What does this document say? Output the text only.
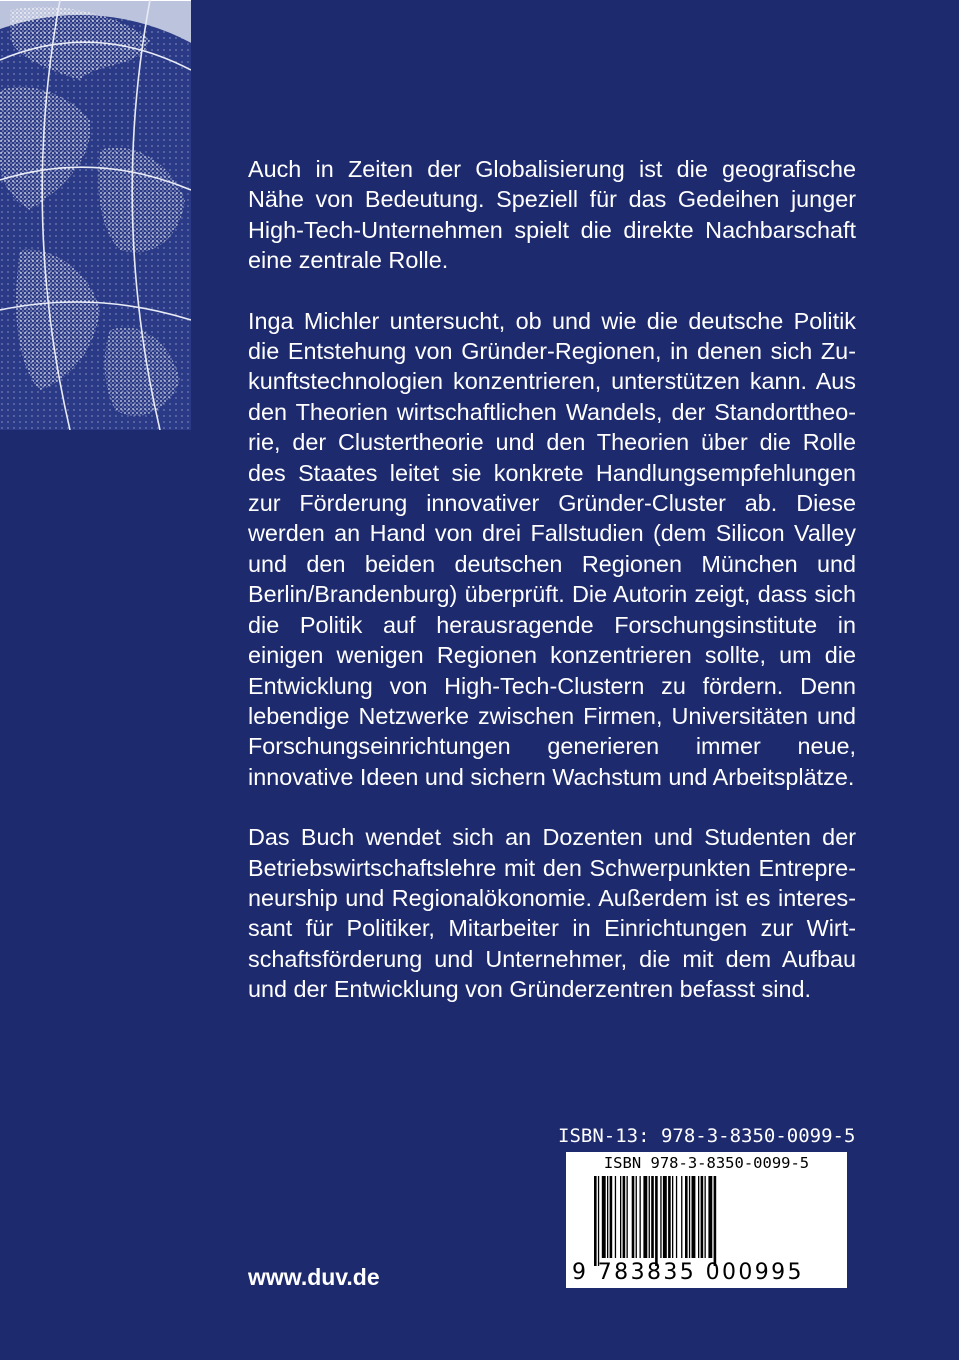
Auch in Zeiten der Globalisierung ist die geografische Nähe von Bedeutung. Speziell für das Gedeihen junger High-Tech-Unternehmen spielt die direkte Nachbarschaft eine zentrale Rolle.

Inga Michler untersucht, ob und wie die deutsche Politik die Entstehung von Gründer-Regionen, in denen sich Zukunftstechnologien konzentrieren, unterstützen kann. Aus den Theorien wirtschaftlichen Wandels, der Standorttheorie, der Clustertheorie und den Theorien über die Rolle des Staates leitet sie konkrete Handlungsempfehlungen zur Förderung innovativer Gründer-Cluster ab. Diese werden an Hand von drei Fallstudien (dem Silicon Valley und den beiden deutschen Regionen München und Berlin/Brandenburg) überprüft. Die Autorin zeigt, dass sich die Politik auf herausragende Forschungsinstitute in einigen wenigen Regionen konzentrieren sollte, um die Entwicklung von High-Tech-Clustern zu fördern. Denn lebendige Netzwerke zwischen Firmen, Universitäten und Forschungseinrichtungen generieren immer neue, innovative Ideen und sichern Wachstum und Arbeitsplätze.

Das Buch wendet sich an Dozenten und Studenten der Betriebswirtschaftslehre mit den Schwerpunkten Entrepreneurship und Regionalökonomie. Außerdem ist es interessant für Politiker, Mitarbeiter in Einrichtungen zur Wirtschaftsförderung und Unternehmer, die mit dem Aufbau und der Entwicklung von Gründerzentren befasst sind.

ISBN-13: 978-3-8350-0099-5
ISBN 978-3-8350-0099-5
9 783835 000995
www.duv.de
